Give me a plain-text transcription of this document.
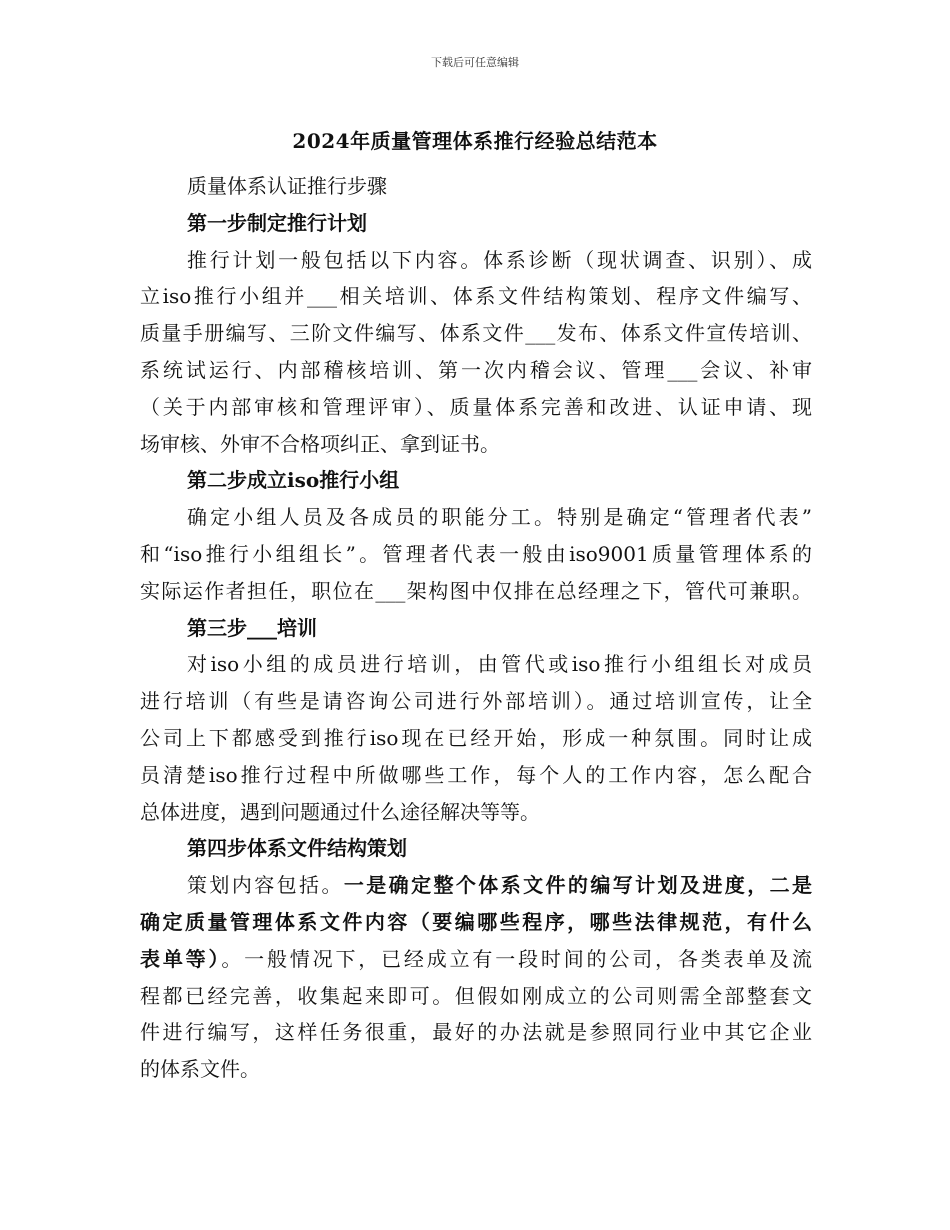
下载后可任意编辑
2024年质量管理体系推行经验总结范本
质量体系认证推行步骤
第一步制定推行计划
推行计划一般包括以下内容。体系诊断（现状调查、识别）、成
立iso推行小组并___相关培训、体系文件结构策划、程序文件编写、
质量手册编写、三阶文件编写、体系文件___发布、体系文件宣传培训、
系统试运行、内部稽核培训、第一次内稽会议、管理___会议、补审
（关于内部审核和管理评审）、质量体系完善和改进、认证申请、现
场审核、外审不合格项纠正、拿到证书。
第二步成立iso推行小组
确定小组人员及各成员的职能分工。特别是确定“管理者代表”
和“iso推行小组组长”。管理者代表一般由iso9001质量管理体系的
实际运作者担任，职位在___架构图中仅排在总经理之下，管代可兼职。
第三步___培训
对iso小组的成员进行培训，由管代或iso推行小组组长对成员
进行培训（有些是请咨询公司进行外部培训）。通过培训宣传，让全
公司上下都感受到推行iso现在已经开始，形成一种氛围。同时让成
员清楚iso推行过程中所做哪些工作，每个人的工作内容，怎么配合
总体进度，遇到问题通过什么途径解决等等。
第四步体系文件结构策划
策划内容包括。一是确定整个体系文件的编写计划及进度，二是
确定质量管理体系文件内容（要编哪些程序，哪些法律规范，有什么
表单等）。一般情况下，已经成立有一段时间的公司，各类表单及流
程都已经完善，收集起来即可。但假如刚成立的公司则需全部整套文
件进行编写，这样任务很重，最好的办法就是参照同行业中其它企业
的体系文件。
